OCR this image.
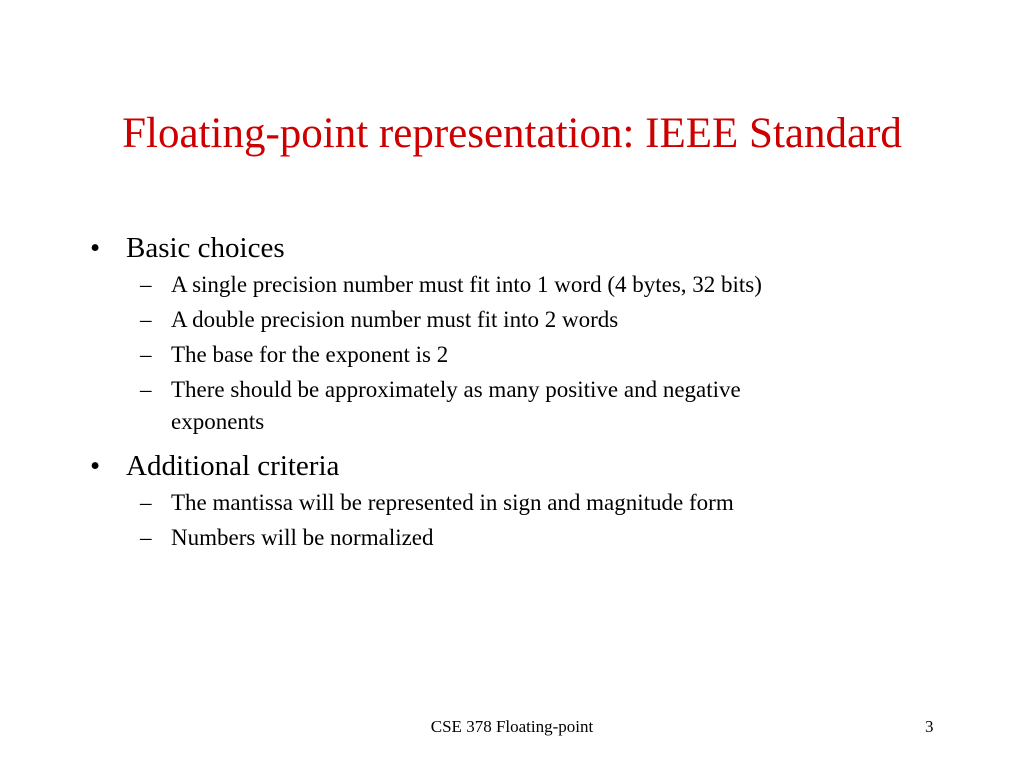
Floating-point representation: IEEE Standard
• Basic choices
– A single precision number must fit into 1 word (4 bytes, 32 bits)
– A double precision number must fit into 2 words
– The base for the exponent is 2
– There should be approximately as many positive and negative exponents
• Additional criteria
– The mantissa will be represented in sign and magnitude form
– Numbers will be normalized
CSE 378 Floating-point	3
